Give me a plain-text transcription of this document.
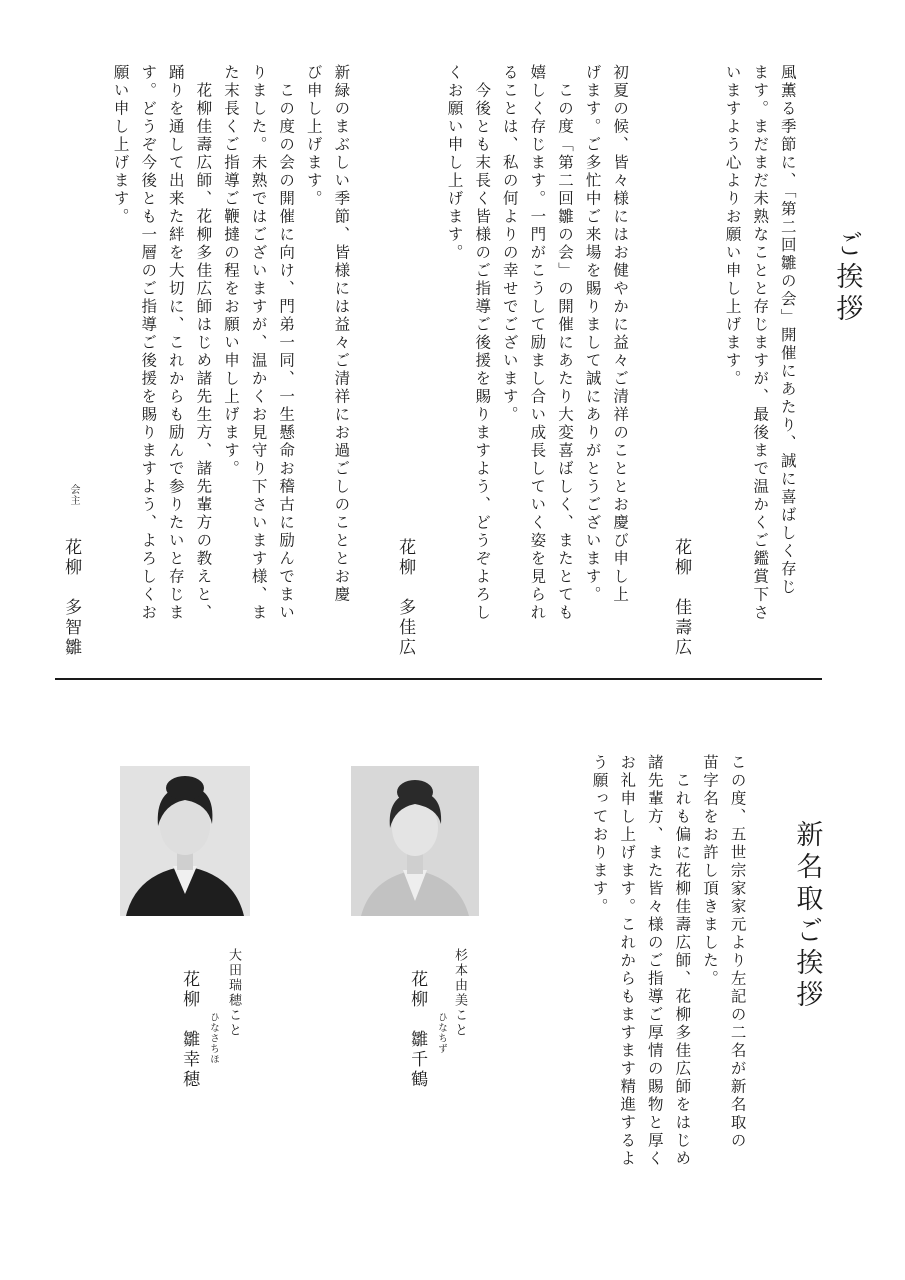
ご挨拶
風薫る季節に、「第二回雛の会」開催にあたり、誠に喜ばしく存じ
ます。まだまだ未熟なことと存じますが、最後まで温かくご鑑賞下さ
いますよう心よりお願い申し上げます。
花柳　佳壽広
初夏の候、皆々様にはお健やかに益々ご清祥のこととお慶び申し上
げます。ご多忙中ご来場を賜りまして誠にありがとうございます。
　この度「第二回雛の会」の開催にあたり大変喜ばしく、またとても
嬉しく存じます。一門がこうして励まし合い成長していく姿を見られ
ることは、私の何よりの幸せでございます。
　今後とも末長く皆様のご指導ご後援を賜りますよう、どうぞよろし
くお願い申し上げます。
花柳　多佳広
新緑のまぶしい季節、皆様には益々ご清祥にお過ごしのこととお慶
び申し上げます。
　この度の会の開催に向け、門弟一同、一生懸命お稽古に励んでまい
りました。未熟ではございますが、温かくお見守り下さいます様、ま
た末長くご指導ご鞭撻の程をお願い申し上げます。
　花柳佳壽広師、花柳多佳広師はじめ諸先生方、諸先輩方の教えと、
踊りを通して出来た絆を大切に、これからも励んで参りたいと存じま
す。どうぞ今後とも一層のご指導ご後援を賜りますよう、よろしくお
願い申し上げます。
会主
花柳　多智雛
新名取ご挨拶
この度、五世宗家家元より左記の二名が新名取の
苗字名をお許し頂きました。
　これも偏に花柳佳壽広師、花柳多佳広師をはじめ
諸先輩方、また皆々様のご指導ご厚情の賜物と厚く
お礼申し上げます。これからもますます精進するよ
う願っております。
杉本由美こと
ひなちず
花柳　雛千鶴
大田瑞穂こと
ひなさちほ
花柳　雛幸穂
